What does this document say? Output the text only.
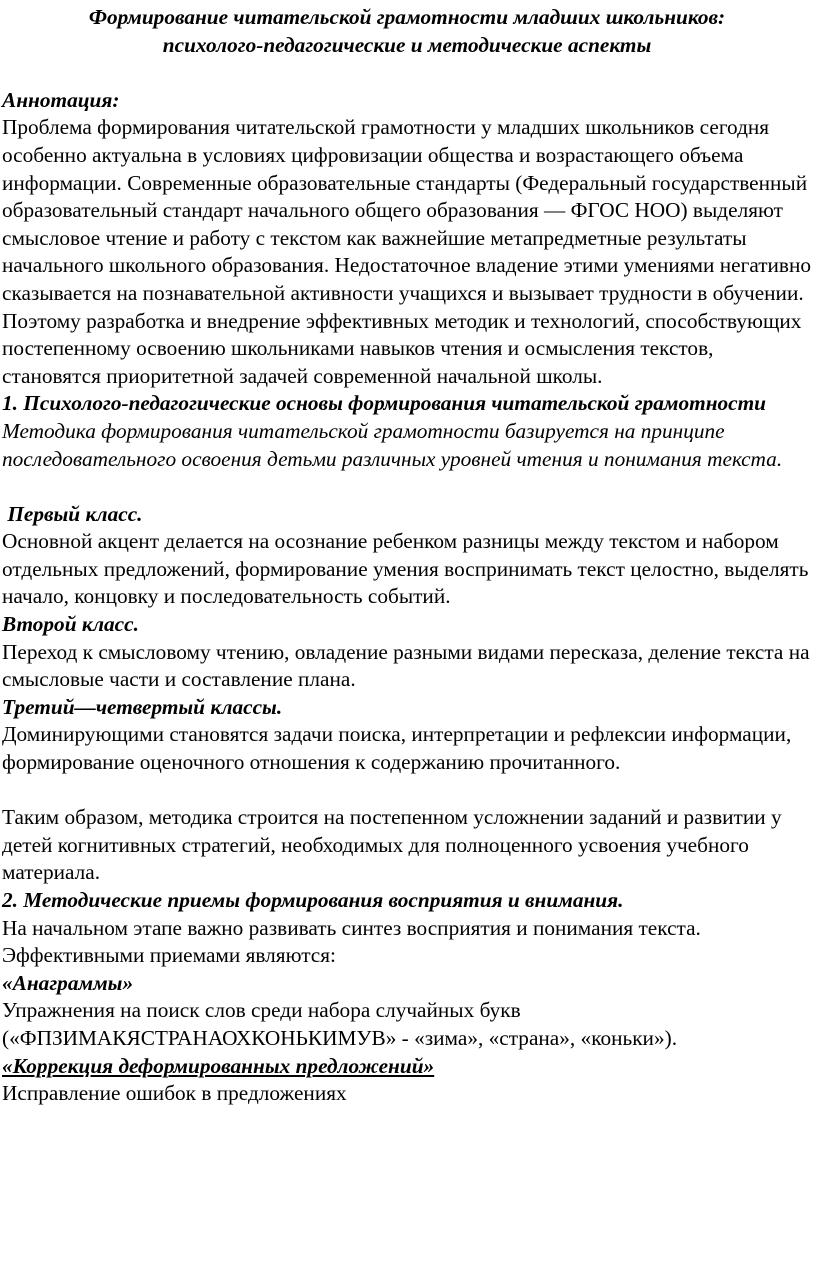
Формирование читательской грамотности младших школьников:

психолого-педагогические и методические аспекты

Аннотация:

Проблема формирования читательской грамотности у младших школьников сегодня особенно актуальна в условиях цифровизации общества и возрастающего объема информации. Современные образовательные стандарты (Федеральный государственный образовательный стандарт начального общего образования — ФГОС НОО) выделяют смысловое чтение и работу с текстом как важнейшие метапредметные результаты начального школьного образования. Недостаточное владение этими умениями негативно сказывается на познавательной активности учащихся и вызывает трудности в обучении. Поэтому разработка и внедрение эффективных методик и технологий, способствующих постепенному освоению школьниками навыков чтения и осмысления текстов, становятся приоритетной задачей современной начальной школы.

1. Психолого-педагогические основы формирования читательской грамотности

Методика формирования читательской грамотности базируется на принципе последовательного освоения детьми различных уровней чтения и понимания текста.

Первый класс.

Основной акцент делается на осознание ребенком разницы между текстом и набором отдельных предложений, формирование умения воспринимать текст целостно, выделять начало, концовку и последовательность событий.

Второй класс.

Переход к смысловому чтению, овладение разными видами пересказа, деление текста на смысловые части и составление плана.

Третий—четвертый классы.

Доминирующими становятся задачи поиска, интерпретации и рефлексии информации, формирование оценочного отношения к содержанию прочитанного.

Таким образом, методика строится на постепенном усложнении заданий и развитии у детей когнитивных стратегий, необходимых для полноценного усвоения учебного материала.

2. Методические приемы формирования восприятия и внимания.

На начальном этапе важно развивать синтез восприятия и понимания текста. Эффективными приемами являются:

«Анаграммы»

Упражнения на поиск слов среди набора случайных букв («ФПЗИМАКЯСТРАНАОХКОНЬКИМУВ» - «зима», «страна», «коньки»).

«Коррекция деформированных предложений»

Исправление ошибок в предложениях
